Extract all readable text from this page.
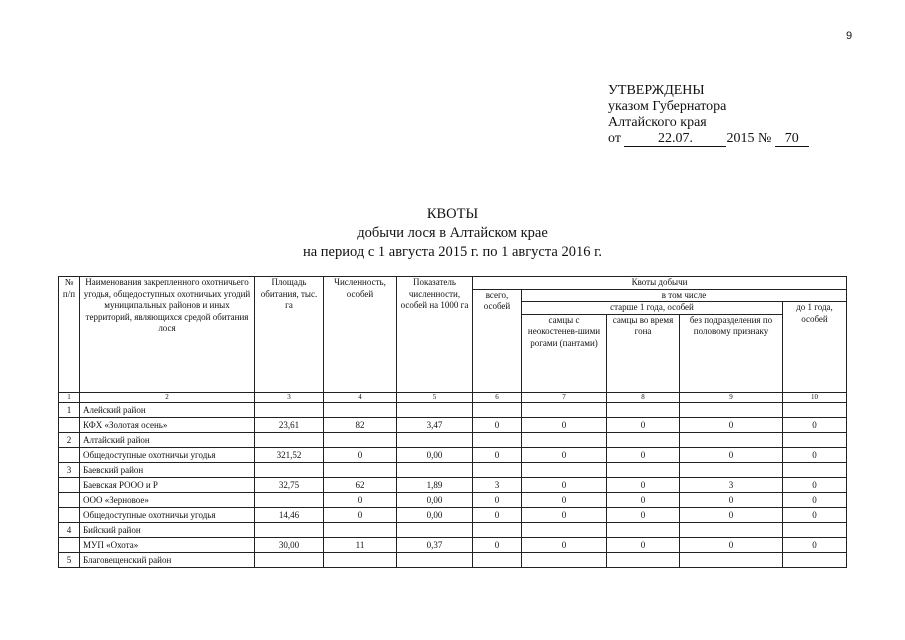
9
УТВЕРЖДЕНЫ
указом Губернатора
Алтайского края
от	22.07. 2015 № 70
КВОТЫ
добычи лося в Алтайском крае
на период с 1 августа 2015 г. по 1 августа 2016 г.
№ п/п	Наименования закрепленного охотничьего угодья, общедоступных охотничьих угодий муниципальных районов и иных территорий, являющихся средой обитания лося	Площадь обитания, тыс. га	Численность, особей	Показатель численности, особей на 1000 га	Квоты добычи				
					всего, особей	в том числе			
						старше 1 года, особей			до 1 года, особей
						самцы с неокостенев-шими рогами (пантами)	самцы во время гона	без подразделения по половому признаку	
1	2	3	4	5	6	7	8	9	10
1	Алейский район								
	КФХ «Золотая осень»	23,61	82	3,47	0	0	0	0	0
2	Алтайский район								
	Общедоступные охотничьи угодья	321,52	0	0,00	0	0	0	0	0
3	Баевский район								
	Баевская РООО и Р	32,75	62	1,89	3	0	0	3	0
	ООО «Зерновое»		0	0,00	0	0	0	0	0
	Общедоступные охотничьи угодья	14,46	0	0,00	0	0	0	0	0
4	Бийский район								
	МУП «Охота»	30,00	11	0,37	0	0	0	0	0
5	Благовещенский район								
